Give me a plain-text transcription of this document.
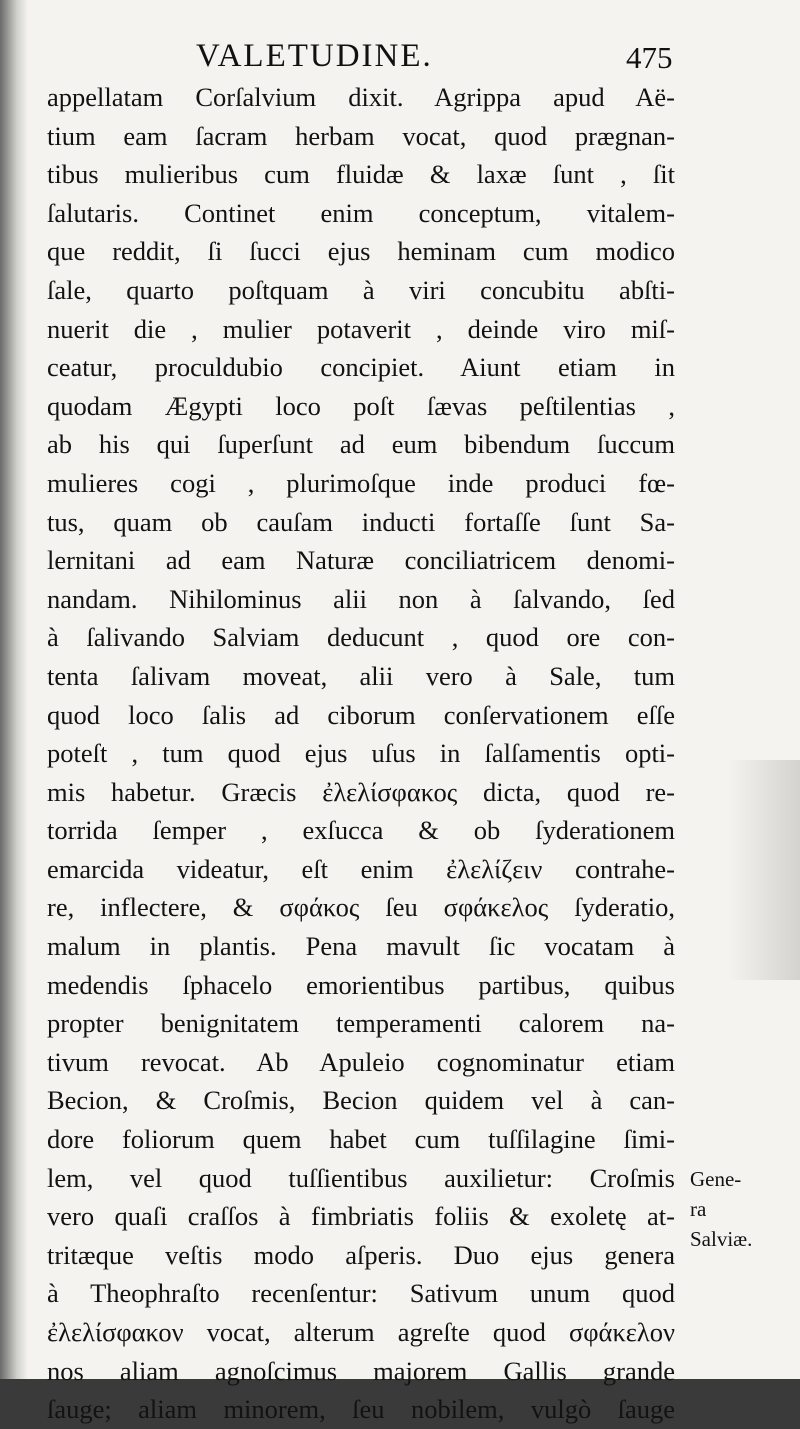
VALETUDINE.	475
appellatam Corſalvium dixit. Agrippa apud Aë-
tium eam ſacram herbam vocat, quod prægnan-
tibus mulieribus cum fluidæ & laxæ ſunt , ſit
ſalutaris. Continet enim conceptum, vitalem-
que reddit, ſi ſucci ejus heminam cum modico
ſale, quarto poſtquam à viri concubitu abſti-
nuerit die , mulier potaverit , deinde viro miſ-
ceatur, proculdubio concipiet. Aiunt etiam in
quodam Ægypti loco poſt ſævas peſtilentias ,
ab his qui ſuperſunt ad eum bibendum ſuccum
mulieres cogi , plurimoſque inde produci fœ-
tus, quam ob cauſam inducti fortaſſe ſunt Sa-
lernitani ad eam Naturæ conciliatricem denomi-
nandam. Nihilominus alii non à ſalvando, ſed
à ſalivando Salviam deducunt , quod ore con-
tenta ſalivam moveat, alii vero à Sale, tum
quod loco ſalis ad ciborum conſervationem eſſe
poteſt , tum quod ejus uſus in ſalſamentis opti-
mis habetur. Græcis ἐλελίσφακος dicta, quod re-
torrida ſemper , exſucca & ob ſyderationem
emarcida videatur, eſt enim ἐλελίζειν contrahe-
re, inflectere, & σφάκος ſeu σφάκελος ſyderatio,
malum in plantis. Pena mavult ſic vocatam à
medendis ſphacelo emorientibus partibus, quibus
propter benignitatem temperamenti calorem na-
tivum revocat. Ab Apuleio cognominatur etiam
Becion, & Croſmis, Becion quidem vel à can-
dore foliorum quem habet cum tuſſilagine ſimi-
lem, vel quod tuſſientibus auxilietur: Croſmis
vero quaſi craſſos à fimbriatis foliis & exoletę at-
tritæque veſtis modo aſperis. Duo ejus genera
à Theophraſto recenſentur: Sativum unum quod
ἐλελίσφακον vocat, alterum agreſte quod σφάκελον
nos aliam agnoſcimus majorem Gallis grande
ſauge; aliam minorem, ſeu nobilem, vulgò ſauge
Gene-
ra
Salviæ.
